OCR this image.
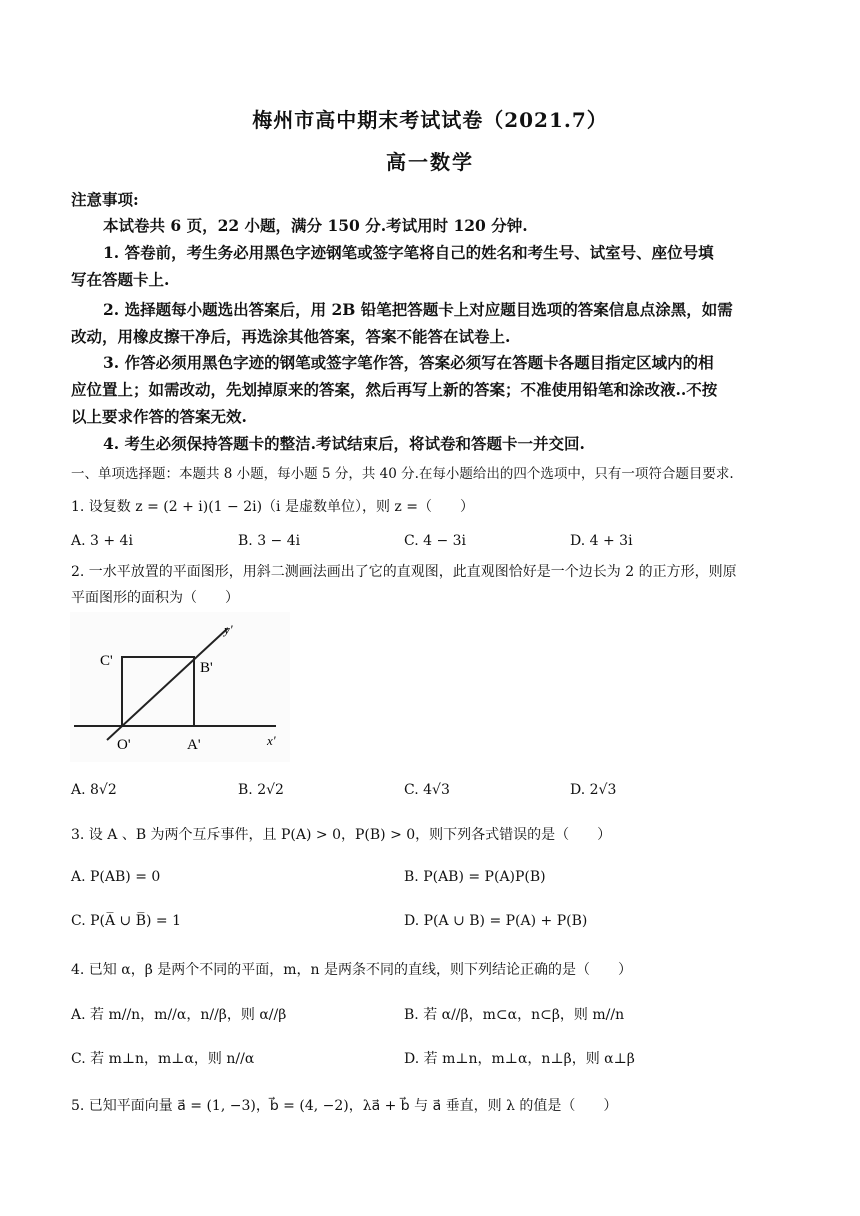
梅州市高中期末考试试卷（2021.7）
高一数学
注意事项:
本试卷共 6 页，22 小题，满分 150 分.考试用时 120 分钟.
1. 答卷前，考生务必用黑色字迹钢笔或签字笔将自己的姓名和考生号、试室号、座位号填
写在答题卡上.
2. 选择题每小题选出答案后，用 2B 铅笔把答题卡上对应题目选项的答案信息点涂黑，如需
改动，用橡皮擦干净后，再选涂其他答案，答案不能答在试卷上.
3. 作答必须用黑色字迹的钢笔或签字笔作答，答案必须写在答题卡各题目指定区域内的相
应位置上；如需改动，先划掉原来的答案，然后再写上新的答案；不准使用铅笔和涂改液..不按
以上要求作答的答案无效.
4. 考生必须保持答题卡的整洁.考试结束后，将试卷和答题卡一并交回.
一、单项选择题：本题共 8 小题，每小题 5 分，共 40 分.在每小题给出的四个选项中，只有一项符合题目要求.
1. 设复数 z = (2 + i)(1 − 2i)（i 是虚数单位），则 z =（　　）
A. 3 + 4i	B. 3 − 4i	C. 4 − 3i	D. 4 + 3i
2. 一水平放置的平面图形，用斜二测画法画出了它的直观图，此直观图恰好是一个边长为 2 的正方形，则原
平面图形的面积为（　　）
C'	B'
y'
O'	A'	x'
A. 8√2	B. 2√2	C. 4√3	D. 2√3
3. 设 A 、B 为两个互斥事件，且 P(A) > 0，P(B) > 0，则下列各式错误的是（　　）
A. P(AB) = 0	B. P(AB) = P(A)P(B)
C. P(A̅ ∪ B̅) = 1	D. P(A ∪ B) = P(A) + P(B)
4. 已知 α，β 是两个不同的平面，m，n 是两条不同的直线，则下列结论正确的是（　　）
A. 若 m//n，m//α，n//β，则 α//β	B. 若 α//β，m⊂α，n⊂β，则 m//n
C. 若 m⊥n，m⊥α，则 n//α	D. 若 m⊥n，m⊥α，n⊥β，则 α⊥β
5. 已知平面向量 a⃗ = (1, −3)，b⃗ = (4, −2)，λa⃗ + b⃗ 与 a⃗ 垂直，则 λ 的值是（　　）
